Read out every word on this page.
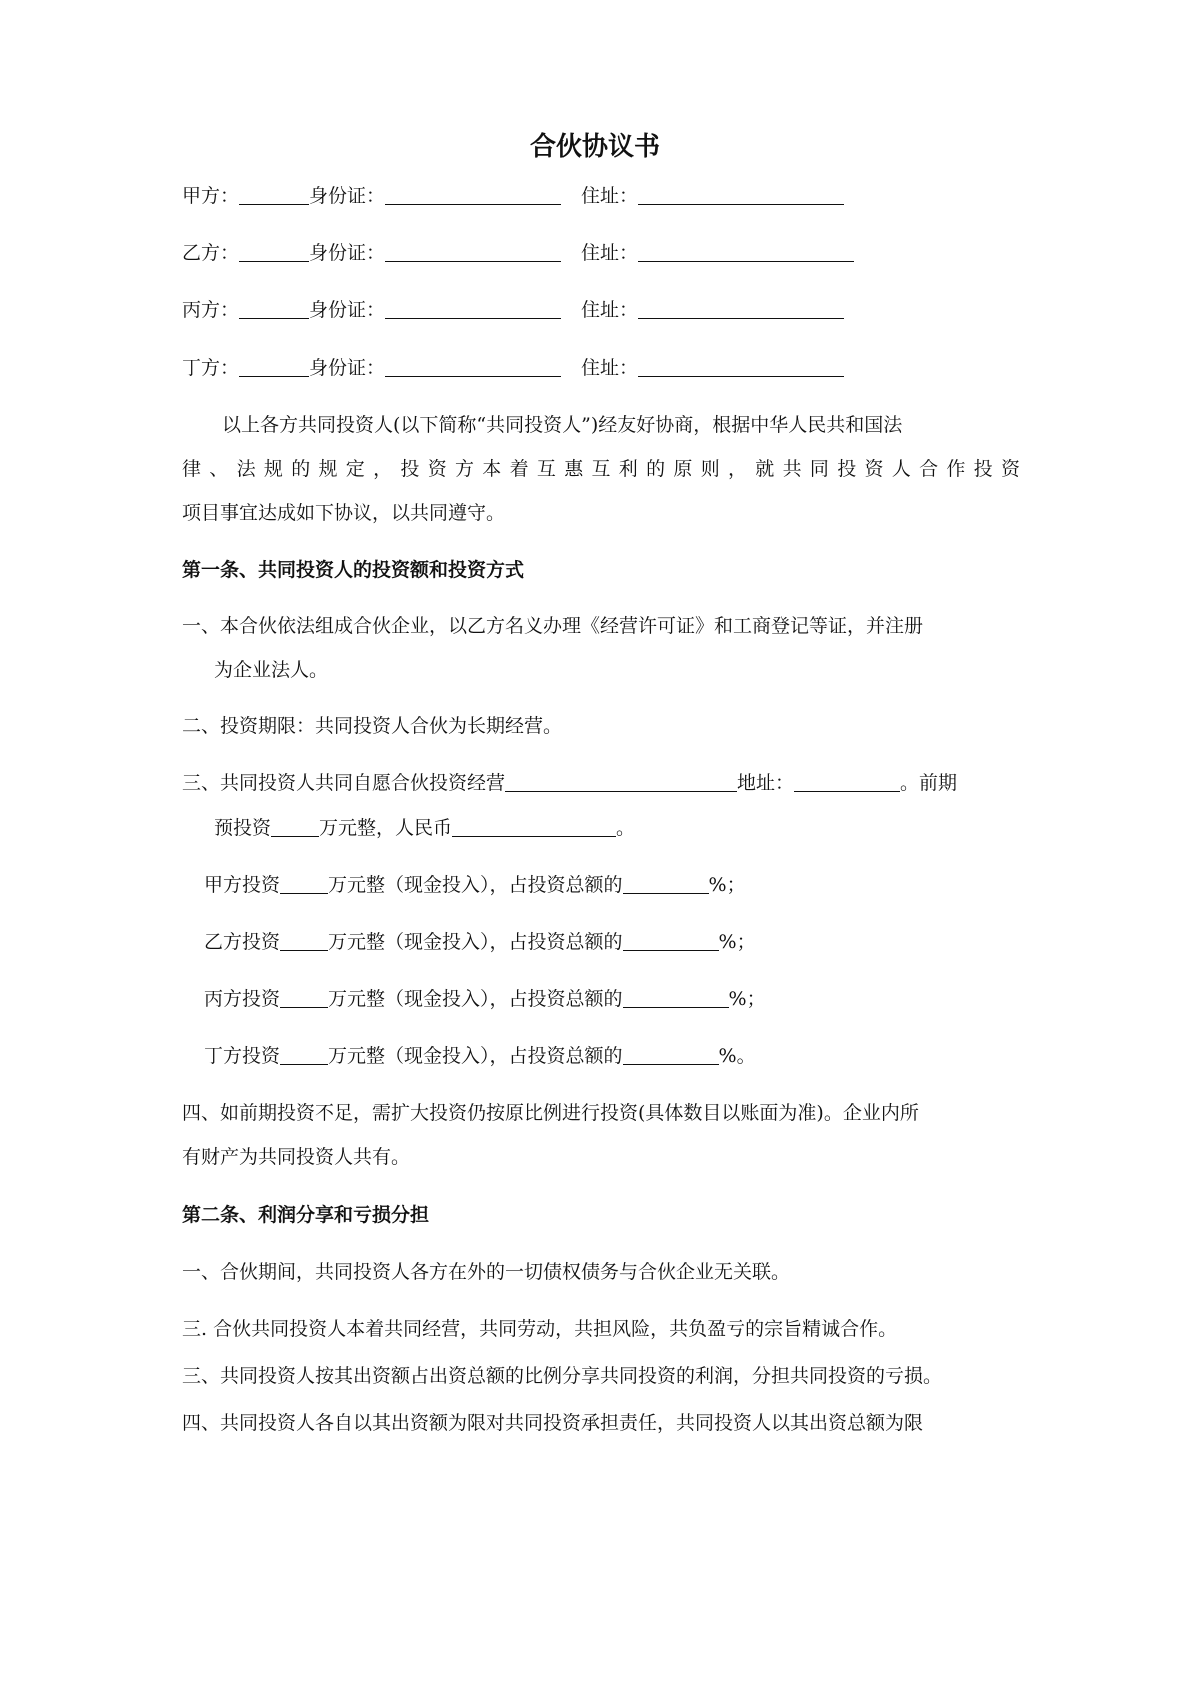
合伙协议书
甲方：	身份证：	住址：
乙方：	身份证：	住址：
丙方：	身份证：	住址：
丁方：	身份证：	住址：
以上各方共同投资人(以下简称“共同投资人”)经友好协商，根据中华人民共和国法
律、法规的规定，投资方本着互惠互利的原则，就共同投资人合作投资
项目事宜达成如下协议，以共同遵守。
第一条、共同投资人的投资额和投资方式
一、本合伙依法组成合伙企业，以乙方名义办理《经营许可证》和工商登记等证，并注册
为企业法人。
二、投资期限：共同投资人合伙为长期经营。
三、共同投资人共同自愿合伙投资经营	地址：	。前期
预投资	万元整，人民币	。
甲方投资	万元整（现金投入），占投资总额的	%；
乙方投资	万元整（现金投入），占投资总额的	%；
丙方投资	万元整（现金投入），占投资总额的	%；
丁方投资	万元整（现金投入），占投资总额的	%。
四、如前期投资不足，需扩大投资仍按原比例进行投资(具体数目以账面为准)。企业内所
有财产为共同投资人共有。
第二条、利润分享和亏损分担
一、合伙期间，共同投资人各方在外的一切债权债务与合伙企业无关联。
三. 合伙共同投资人本着共同经营，共同劳动，共担风险，共负盈亏的宗旨精诚合作。
三、共同投资人按其出资额占出资总额的比例分享共同投资的利润，分担共同投资的亏损。
四、共同投资人各自以其出资额为限对共同投资承担责任，共同投资人以其出资总额为限
